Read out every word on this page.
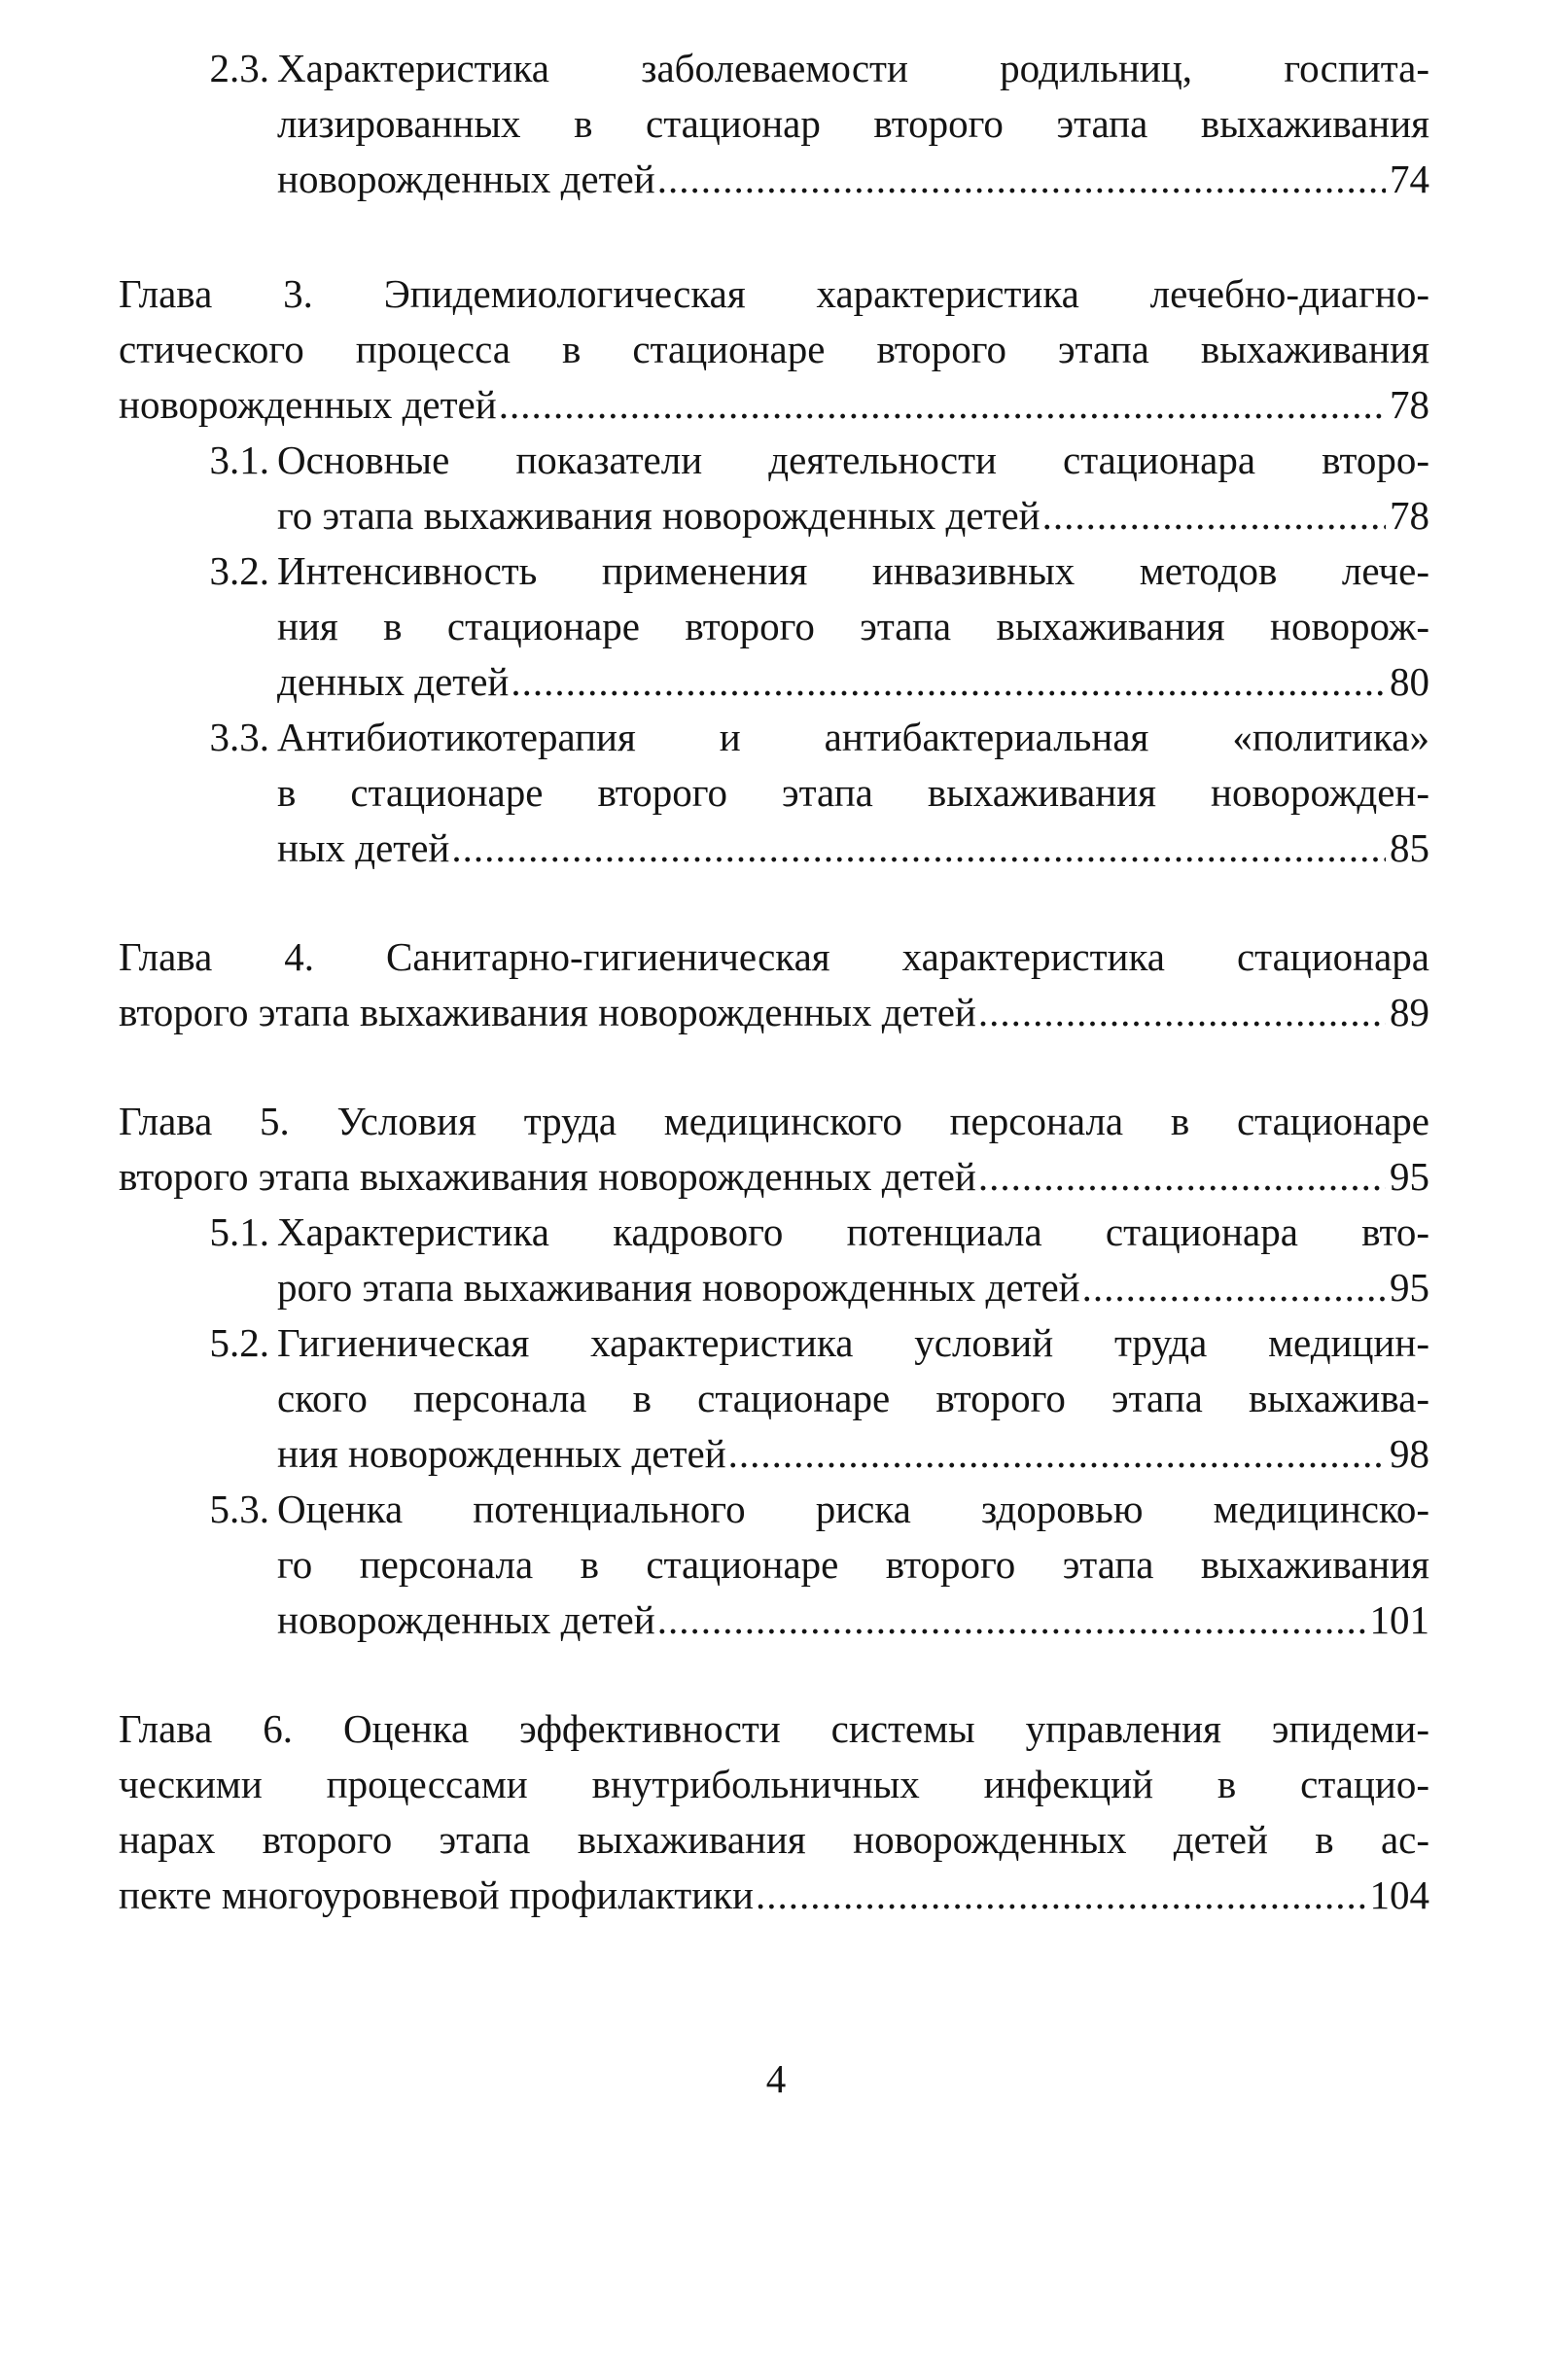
2.3. Характеристика заболеваемости родильниц, госпита-
лизированных в стационар второго этапа выхаживания
новорожденных детей .....	74
Глава 3. Эпидемиологическая характеристика лечебно-диагно-
стического процесса в стационаре второго этапа выхаживания
новорожденных детей .....	78
3.1. Основные показатели деятельности стационара второ-
го этапа выхаживания новорожденных детей .....	78
3.2. Интенсивность применения инвазивных методов лече-
ния в стационаре второго этапа выхаживания новорож-
денных детей .....	80
3.3. Антибиотикотерапия и антибактериальная «политика»
в стационаре второго этапа выхаживания новорожден-
ных детей .....	85
Глава 4. Санитарно-гигиеническая характеристика стационара
второго этапа выхаживания новорожденных детей .....	89
Глава 5. Условия труда медицинского персонала в стационаре
второго этапа выхаживания новорожденных детей .....	95
5.1. Характеристика кадрового потенциала стационара вто-
рого этапа выхаживания новорожденных детей .....	95
5.2. Гигиеническая характеристика условий труда медицин-
ского персонала в стационаре второго этапа выхажива-
ния новорожденных детей .....	98
5.3. Оценка потенциального риска здоровью медицинско-
го персонала в стационаре второго этапа выхаживания
новорожденных детей .....	101
Глава 6. Оценка эффективности системы управления эпидеми-
ческими процессами внутрибольничных инфекций в стацио-
нарах второго этапа выхаживания новорожденных детей в ас-
пекте многоуровневой профилактики .....	104
4
